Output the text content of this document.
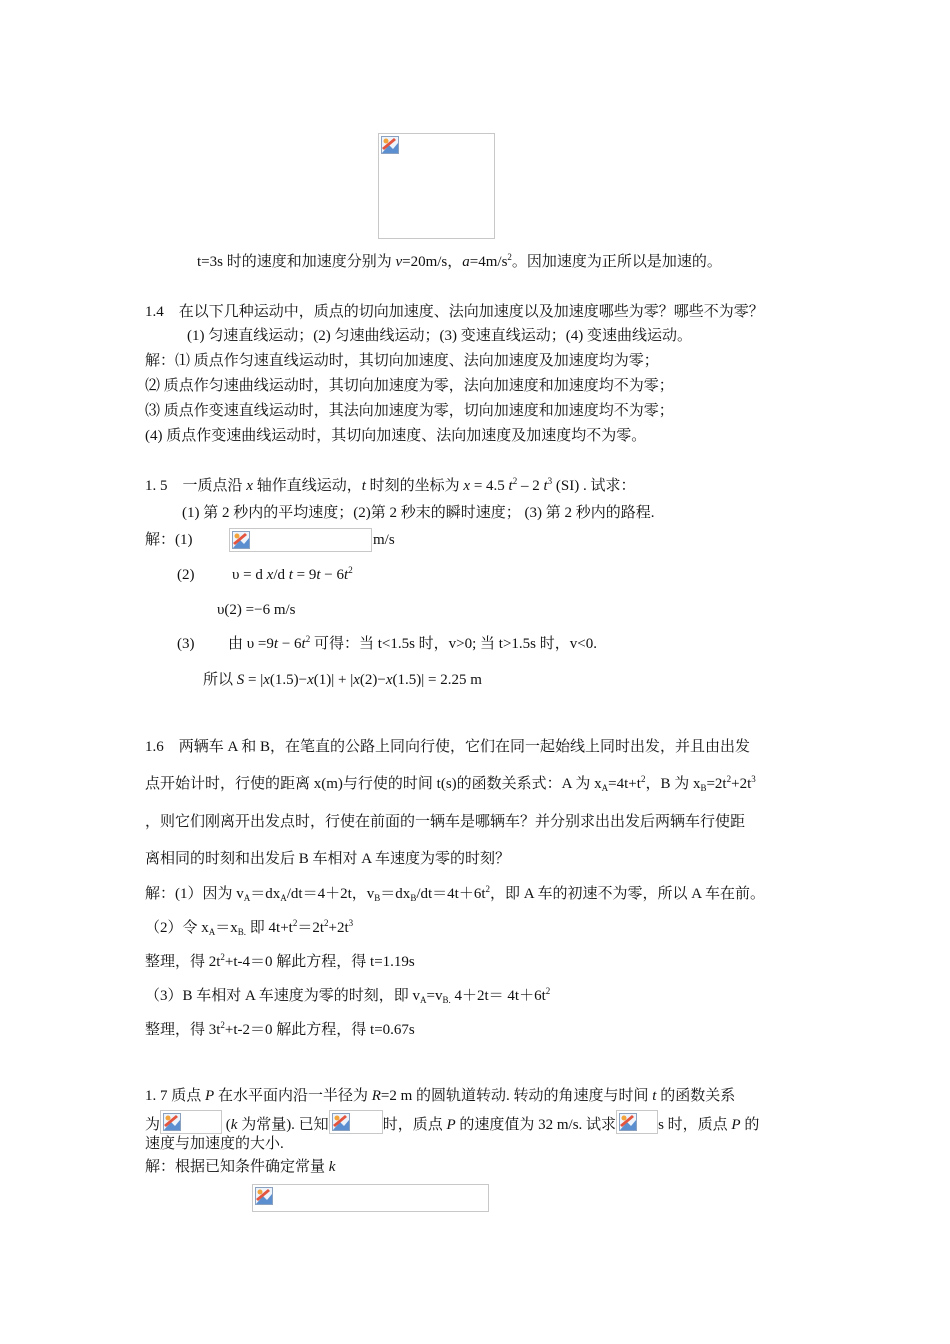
t=3s 时的速度和加速度分别为 v=20m/s，$a=4m/s^2$。因加速度为正所以是加速的。
1.4　在以下几种运动中，质点的切向加速度、法向加速度以及加速度哪些为零？哪些不为零？
(1) 匀速直线运动；(2) 匀速曲线运动；(3) 变速直线运动；(4) 变速曲线运动。
解：⑴ 质点作匀速直线运动时，其切向加速度、法向加速度及加速度均为零；
⑵ 质点作匀速曲线运动时，其切向加速度为零，法向加速度和加速度均不为零；
⑶ 质点作变速直线运动时，其法向加速度为零，切向加速度和加速度均不为零；
(4) 质点作变速曲线运动时，其切向加速度、法向加速度及加速度均不为零。
1. 5　一质点沿 x 轴作直线运动，t 时刻的坐标为 x = 4.5 $t^2 - 2$ $t^3$ (SI) . 试求：
(1) 第 2 秒内的平均速度；(2)第 2 秒末的瞬时速度； (3) 第 2 秒内的路程.
解：(1)	m/s
(2)	υ = d x/d $t = 9t - 6t^2$
υ(2) =−6 m/s
(3) 由 $\upsilon =9t - 6t^2$ 可得：当 t<1.5s 时，v>0; 当 t>1.5s 时，v<0.
所以 S = |x(1.5)−x(1)| + |x(2)−x(1.5)| = 2.25 m
1.6　两辆车 A 和 B，在笔直的公路上同向行使，它们在同一起始线上同时出发，并且由出发
点开始计时，行使的距离 x(m)与行使的时间 t(s)的函数关系式：A 为 $x_A=4t+t^2$，B 为 $x_B=2t^2+2t^3$
，则它们刚离开出发点时，行使在前面的一辆车是哪辆车？并分别求出出发后两辆车行使距
离相同的时刻和出发后 B 车相对 A 车速度为零的时刻？
解：(1）因为 $v_A=dx_A/dt=4+2t$，$v_B=dx_B/dt=4t+6t^2$，即 A 车的初速不为零，所以 A 车在前。
（2）令 $x_A=x_{B.}$ 即 $4t+t^2=2t^2+2t^3$
整理，得 $2t^2+t-4=0$ 解此方程，得 t=1.19s
（3）B 车相对 A 车速度为零的时刻，即 $v_A=v_{B.}$ $4+2t= 4t+6t^2$
整理，得 $3t^2+t-2=0$ 解此方程，得 t=0.67s
1. 7 质点 P 在水平面内沿一半径为 R=2 m 的圆轨道转动. 转动的角速度与时间 t 的函数关系
为	(k 为常量). 已知	时，质点 P 的速度值为 32 m/s. 试求	s 时，质点 P 的
速度与加速度的大小.
解：根据已知条件确定常量 k
